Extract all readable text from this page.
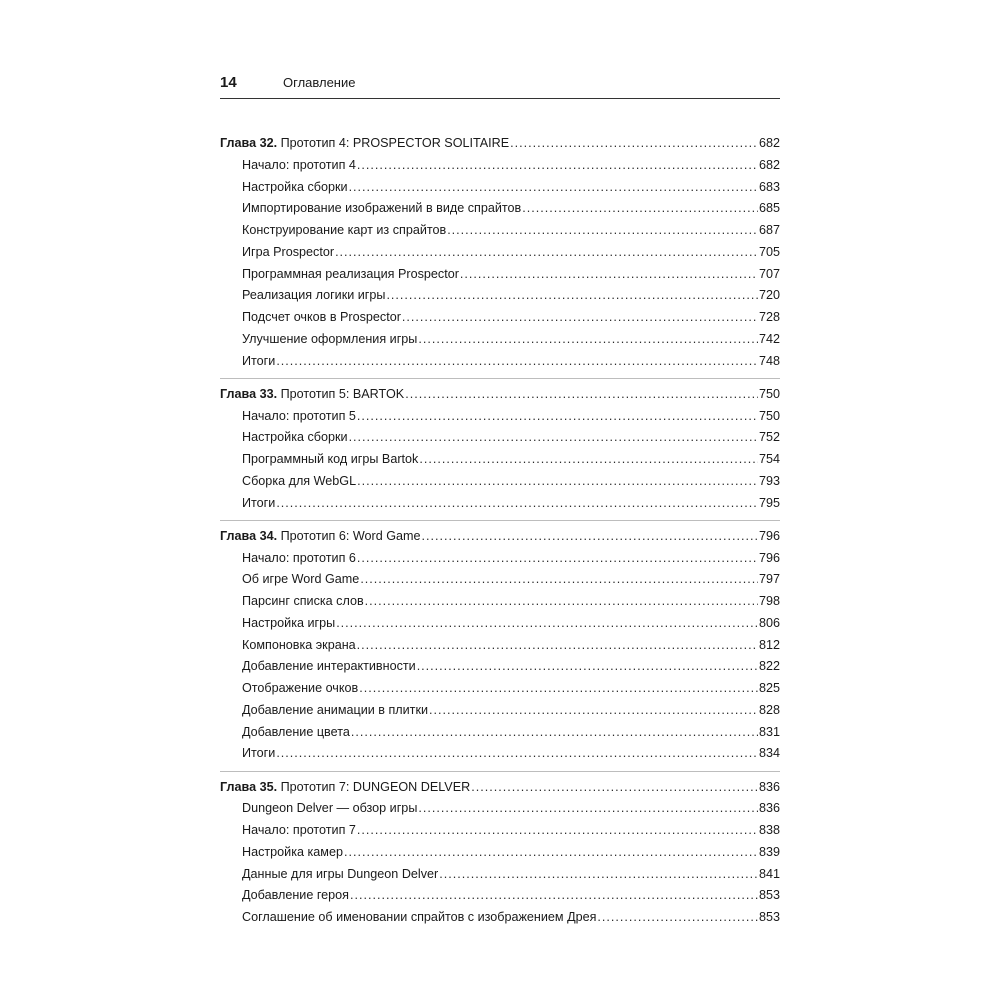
14	Оглавление
Глава 32. Прототип 4: PROSPECTOR SOLITAIRE .....	682
Начало: прототип 4 .....	682
Настройка сборки .....	683
Импортирование изображений в виде спрайтов .....	685
Конструирование карт из спрайтов .....	687
Игра Prospector .....	705
Программная реализация Prospector .....	707
Реализация логики игры .....	720
Подсчет очков в Prospector .....	728
Улучшение оформления игры .....	742
Итоги .....	748
Глава 33. Прототип 5: BARTOK .....	750
Начало: прототип 5 .....	750
Настройка сборки .....	752
Программный код игры Bartok .....	754
Сборка для WebGL .....	793
Итоги .....	795
Глава 34. Прототип 6: Word Game .....	796
Начало: прототип 6 .....	796
Об игре Word Game .....	797
Парсинг списка слов .....	798
Настройка игры .....	806
Компоновка экрана .....	812
Добавление интерактивности .....	822
Отображение очков .....	825
Добавление анимации в плитки .....	828
Добавление цвета .....	831
Итоги .....	834
Глава 35. Прототип 7: DUNGEON DELVER .....	836
Dungeon Delver — обзор игры .....	836
Начало: прототип 7 .....	838
Настройка камер .....	839
Данные для игры Dungeon Delver .....	841
Добавление героя .....	853
Соглашение об именовании спрайтов с изображением Дрея .....	853
